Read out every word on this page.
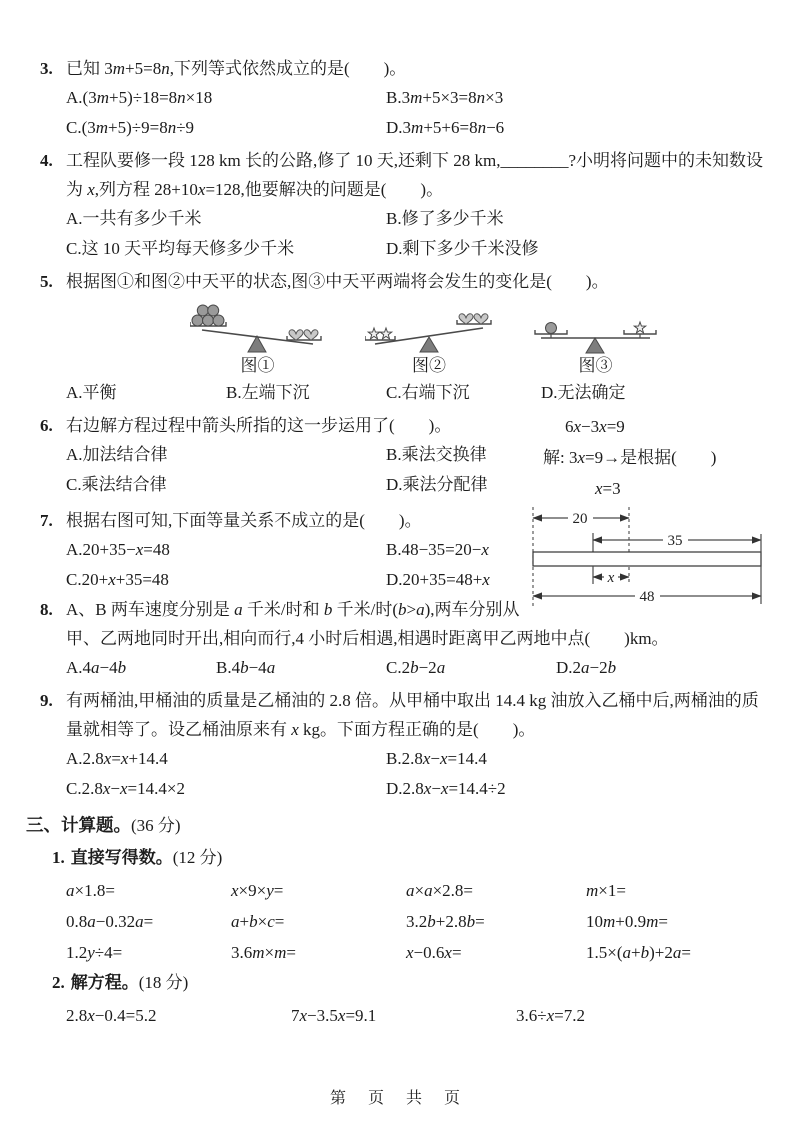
3. 已知 3m+5=8n,下列等式依然成立的是(　　)。

A.(3m+5)÷18=8n×18	B.3m+5×3=8n×3
C.(3m+5)÷9=8n÷9	D.3m+5+6=8n−6

4. 工程队要修一段 128 km 长的公路,修了 10 天,还剩下 28 km,________?小明将问题中的未知数设为 x,列方程 28+10x=128,他要解决的问题是(　　)。

A.一共有多少千米	B.修了多少千米
C.这 10 天平均每天修多少千米	D.剩下多少千米没修

5. 根据图①和图②中天平的状态,图③中天平两端将会发生的变化是(　　)。

图①	图②	图③
A.平衡	B.左端下沉	C.右端下沉	D.无法确定
6x−3x=9
解: 3x=9→是根据(　　)
x=3

6. 右边解方程过程中箭头所指的这一步运用了(　　)。

A.加法结合律	B.乘法交换律
C.乘法结合律	D.乘法分配律
20
35
x
48

7. 根据右图可知,下面等量关系不成立的是(　　)。

A.20+35−x=48	B.48−35=20−x
C.20+x+35=48	D.20+35=48+x

8. A、B 两车速度分别是 a 千米/时和 b 千米/时(b>a),两车分别从甲、乙两地同时开出,相向而行,4 小时后相遇,相遇时距离甲乙两地中点(　　)km。

A.4a−4b	B.4b−4a	C.2b−2a	D.2a−2b

9. 有两桶油,甲桶油的质量是乙桶油的 2.8 倍。从甲桶中取出 14.4 kg 油放入乙桶中后,两桶油的质量就相等了。设乙桶油原来有 x kg。下面方程正确的是(　　)。

A.2.8x=x+14.4	B.2.8x−x=14.4
C.2.8x−x=14.4×2	D.2.8x−x=14.4÷2
三、计算题。(36 分)
1. 直接写得数。(12 分)
a×1.8=	x×9×y=	a×a×2.8=	m×1=
0.8a−0.32a=	a+b×c=	3.2b+2.8b=	10m+0.9m=
1.2y÷4=	3.6m×m=	x−0.6x=	1.5×(a+b)+2a=
2. 解方程。(18 分)
2.8x−0.4=5.2	7x−3.5x=9.1	3.6÷x=7.2
第　页　共　页
